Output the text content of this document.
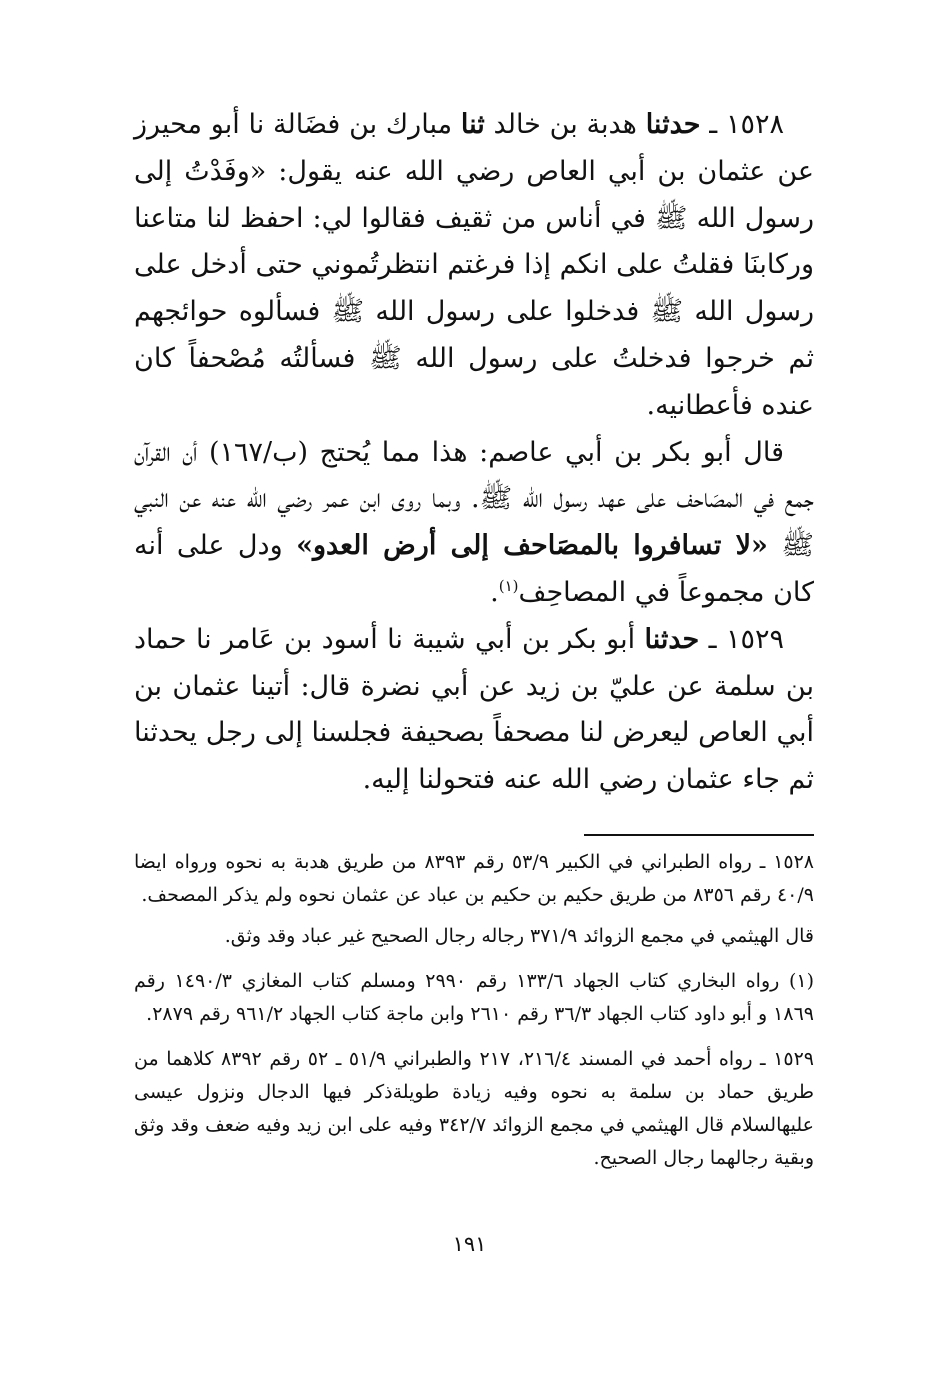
١٥٢٨ ـ حدثنا هدبة بن خالد ثنا مبارك بن فضَالة نا أبو محيرز عن عثمان بن أبي العاص رضي الله عنه يقول: «وفَدْتُ إلى رسول الله ﷺ في أناس من ثقيف فقالوا لي: احفظ لنا متاعنا وركابنَا فقلتُ على انكم إذا فرغتم انتظرتُموني حتى أدخل على رسول الله ﷺ فدخلوا على رسول الله ﷺ فسألوه حوائجهم ثم خرجوا فدخلتُ على رسول الله ﷺ فسألتُه مُصْحفاً كان عنده فأعطانيه.

قال أبو بكر بن أبي عاصم: هذا مما يُحتج (ب/١٦٧) أن القرآن جمع في المصَاحف على عهد رسول الله ﷺ. وبما روى ابن عمر رضي الله عنه عن النبي ﷺ «لا تسافروا بالمصَاحف إلى أرض العدو» ودل على أنه كان مجموعاً في المصاحِف$^{(١)}$.

١٥٢٩ ـ حدثنا أبو بكر بن أبي شيبة نا أسود بن عَامر نا حماد بن سلمة عن عليّ بن زيد عن أبي نضرة قال: أتينا عثمان بن أبي العاص ليعرض لنا مصحفاً بصحيفة فجلسنا إلى رجل يحدثنا ثم جاء عثمان رضي الله عنه فتحولنا إليه.

١٥٢٨ ـ رواه الطبراني في الكبير ٥٣/٩ رقم ٨٣٩٣ من طريق هدبة به نحوه ورواه ايضا ٤٠/٩ رقم ٨٣٥٦ من طريق حكيم بن حكيم بن عباد عن عثمان نحوه ولم يذكر المصحف.
قال الهيثمي في مجمع الزوائد ٣٧١/٩ رجاله رجال الصحيح غير عباد وقد وثق.
(١) رواه البخاري كتاب الجهاد ١٣٣/٦ رقم ٢٩٩٠ ومسلم كتاب المغازي ١٤٩٠/٣ رقم ١٨٦٩ و أبو داود كتاب الجهاد ٣٦/٣ رقم ٢٦١٠ وابن ماجة كتاب الجهاد ٩٦١/٢ رقم ٢٨٧٩.
١٥٢٩ ـ رواه أحمد في المسند ٢١٦/٤، ٢١٧ والطبراني ٥١/٩ ـ ٥٢ رقم ٨٣٩٢ كلاهما من طريق حماد بن سلمة به نحوه وفيه زيادة طويلةذكر فيها الدجال ونزول عيسى عليهالسلام قال الهيثمي في مجمع الزوائد ٣٤٢/٧ وفيه على ابن زيد وفيه ضعف وقد وثق وبقية رجالهما رجال الصحيح.
١٩١
